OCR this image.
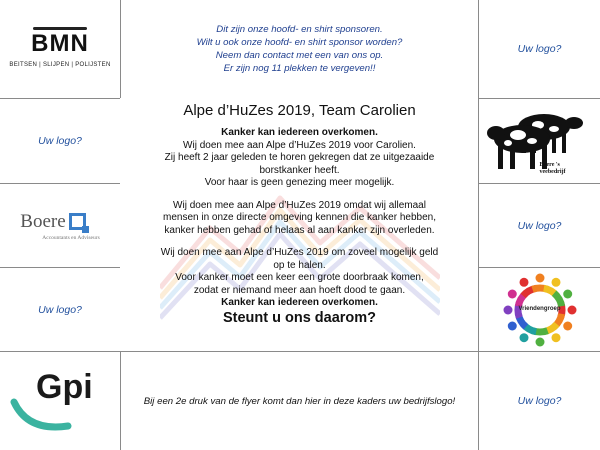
BMN
BEITSEN | SLIJPEN | POLIJSTEN
Uw logo?
Boere
Accountants en Adviseurs
Uw logo?
Gpi
Dit zijn onze hoofd- en shirt sponsoren.
Wilt u ook onze hoofd- en shirt sponsor worden?
Neem dan contact met een van ons op.
Er zijn nog 11 plekken te vergeven!!
Alpe d’HuZes 2019, Team Carolien

Kanker kan iedereen overkomen.

Wij doen mee aan Alpe d’HuZes 2019 voor Carolien.

Zij heeft 2 jaar geleden te horen gekregen dat ze uitgezaaide

borstkanker heeft.

Voor haar is geen genezing meer mogelijk.

Wij doen mee aan Alpe d’HuZes 2019 omdat wij allemaal

mensen in onze directe omgeving kennen die kanker hebben,

kanker hebben gehad of helaas al aan kanker zijn overleden.

Wij doen mee aan Alpe d’HuZes 2019 om zoveel mogelijk geld

op te halen.

Voor kanker moet een keer een grote doorbraak komen,

zodat er niemand meer aan hoeft dood te gaan.

Kanker kan iedereen overkomen.

Steunt u ons daarom?

Bij een 2e druk van de flyer komt dan hier in deze kaders uw bedrijfslogo!
Uw logo?
Boere 's
veebedrijf
Uw logo?
Vriendengroep
Uw logo?
